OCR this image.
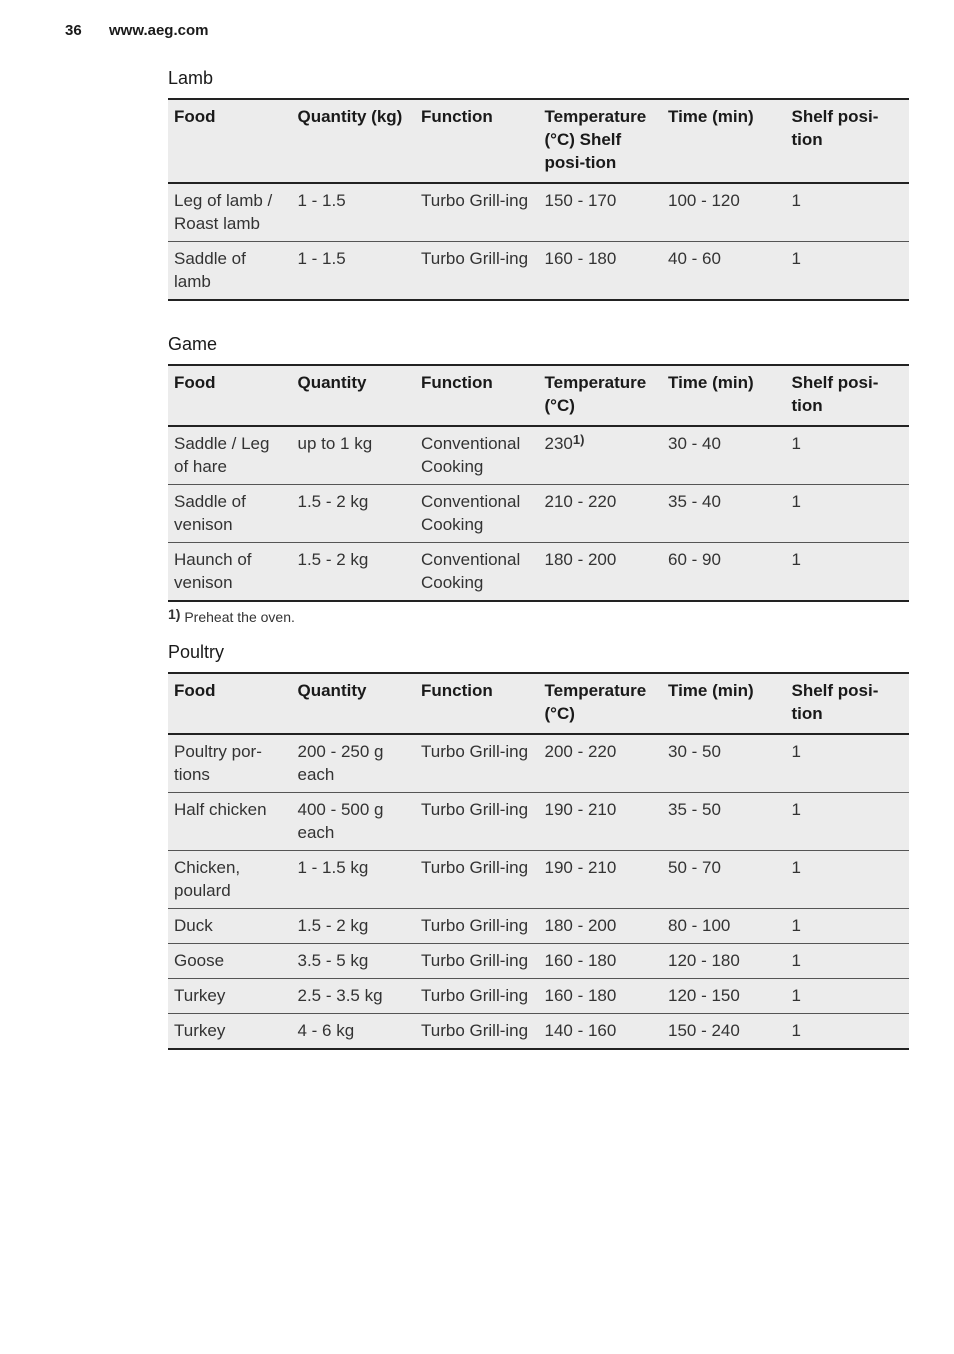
36 www.aeg.com
Lamb
Food	Quantity (kg)	Function	Temperature (°C) Shelf posi-tion	Time (min)	Shelf posi-tion
Leg of lamb / Roast lamb	1 - 1.5	Turbo Grill-ing	150 - 170	100 - 120	1
Saddle of lamb	1 - 1.5	Turbo Grill-ing	160 - 180	40 - 60	1
Game
Food	Quantity	Function	Temperature (°C)	Time (min)	Shelf posi-tion
Saddle / Leg of hare	up to 1 kg	Conventional Cooking	230$^{1)}$	30 - 40	1
Saddle of venison	1.5 - 2 kg	Conventional Cooking	210 - 220	35 - 40	1
Haunch of venison	1.5 - 2 kg	Conventional Cooking	180 - 200	60 - 90	1
1) Preheat the oven.
Poultry
Food	Quantity	Function	Temperature (°C)	Time (min)	Shelf posi-tion
Poultry por-tions	200 - 250 g each	Turbo Grill-ing	200 - 220	30 - 50	1
Half chicken	400 - 500 g each	Turbo Grill-ing	190 - 210	35 - 50	1
Chicken, poulard	1 - 1.5 kg	Turbo Grill-ing	190 - 210	50 - 70	1
Duck	1.5 - 2 kg	Turbo Grill-ing	180 - 200	80 - 100	1
Goose	3.5 - 5 kg	Turbo Grill-ing	160 - 180	120 - 180	1
Turkey	2.5 - 3.5 kg	Turbo Grill-ing	160 - 180	120 - 150	1
Turkey	4 - 6 kg	Turbo Grill-ing	140 - 160	150 - 240	1
